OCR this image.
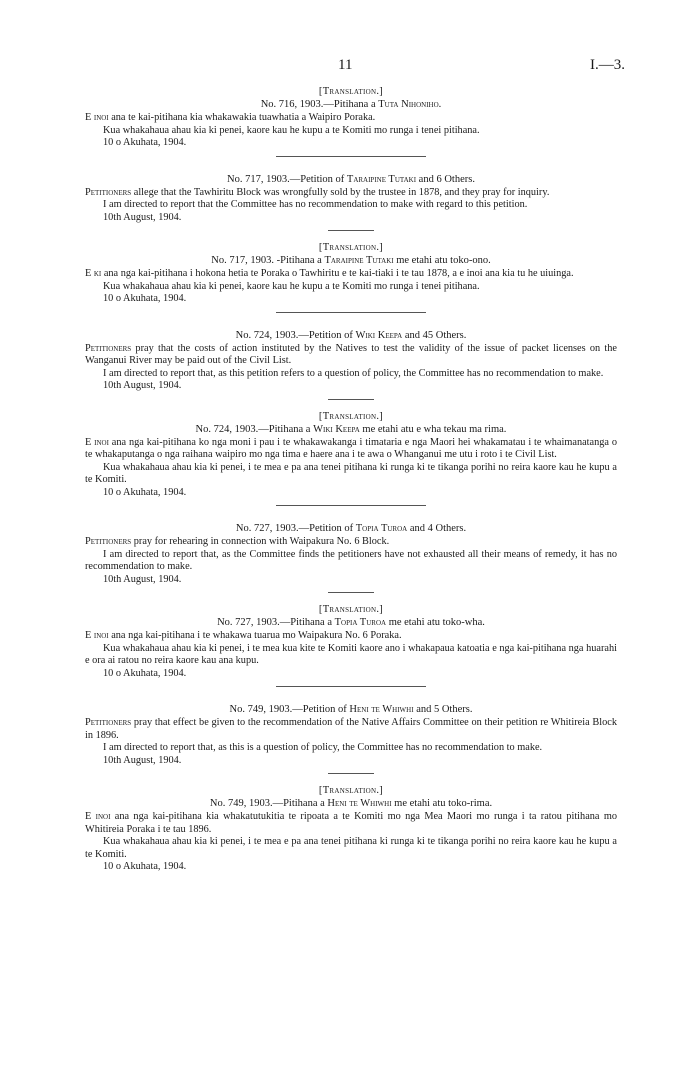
11	I.—3.
[Translation.]
No. 716, 1903.—Pitihana a Tuta Nihoniho.

E inoi ana te kai-pitihana kia whakawakia tuawhatia a Waipiro Poraka.

Kua whakahaua ahau kia ki penei, kaore kau he kupu a te Komiti mo runga i tenei pitihana.

10 o Akuhata, 1904.

No. 717, 1903.—Petition of Taraipine Tutaki and 6 Others.

Petitioners allege that the Tawhiritu Block was wrongfully sold by the trustee in 1878, and they pray for inquiry.

I am directed to report that the Committee has no recommendation to make with regard to this petition.

10th August, 1904.

[Translation.]
No. 717, 1903. -Pitihana a Taraipine Tutaki me etahi atu toko-ono.

E ki ana nga kai-pitihana i hokona hetia te Poraka o Tawhiritu e te kai-tiaki i te tau 1878, a e inoi ana kia tu he uiuinga.

Kua whakahaua ahau kia ki penei, kaore kau he kupu a te Komiti mo runga i tenei pitihana.

10 o Akuhata, 1904.

No. 724, 1903.—Petition of Wiki Keepa and 45 Others.

Petitioners pray that the costs of action instituted by the Natives to test the validity of the issue of packet licenses on the Wanganui River may be paid out of the Civil List.

I am directed to report that, as this petition refers to a question of policy, the Committee has no recommendation to make.

10th August, 1904.

[Translation.]
No. 724, 1903.—Pitihana a Wiki Keepa me etahi atu e wha tekau ma rima.

E inoi ana nga kai-pitihana ko nga moni i pau i te whakawakanga i timataria e nga Maori hei whakamatau i te whaimanatanga o te whakaputanga o nga raihana waipiro mo nga tima e haere ana i te awa o Whanganui me utu i roto i te Civil List.

Kua whakahaua ahau kia ki penei, i te mea e pa ana tenei pitihana ki runga ki te tikanga porihi no reira kaore kau he kupu a te Komiti.

10 o Akuhata, 1904.

No. 727, 1903.—Petition of Topia Turoa and 4 Others.

Petitioners pray for rehearing in connection with Waipakura No. 6 Block.

I am directed to report that, as the Committee finds the petitioners have not exhausted all their means of remedy, it has no recommendation to make.

10th August, 1904.

[Translation.]
No. 727, 1903.—Pitihana a Topia Turoa me etahi atu toko-wha.

E inoi ana nga kai-pitihana i te whakawa tuarua mo Waipakura No. 6 Poraka.

Kua whakahaua ahau kia ki penei, i te mea kua kite te Komiti kaore ano i whakapaua katoatia e nga kai-pitihana nga huarahi e ora ai ratou no reira kaore kau ana kupu.

10 o Akuhata, 1904.

No. 749, 1903.—Petition of Heni te Whiwhi and 5 Others.

Petitioners pray that effect be given to the recommendation of the Native Affairs Committee on their petition re Whitireia Block in 1896.

I am directed to report that, as this is a question of policy, the Committee has no recommendation to make.

10th August, 1904.

[Translation.]
No. 749, 1903.—Pitihana a Heni te Whiwhi me etahi atu toko-rima.

E inoi ana nga kai-pitihana kia whakatutukitia te ripoata a te Komiti mo nga Mea Maori mo runga i ta ratou pitihana mo Whitireia Poraka i te tau 1896.

Kua whakahaua ahau kia ki penei, i te mea e pa ana tenei pitihana ki runga ki te tikanga porihi no reira kaore kau he kupu a te Komiti.

10 o Akuhata, 1904.
